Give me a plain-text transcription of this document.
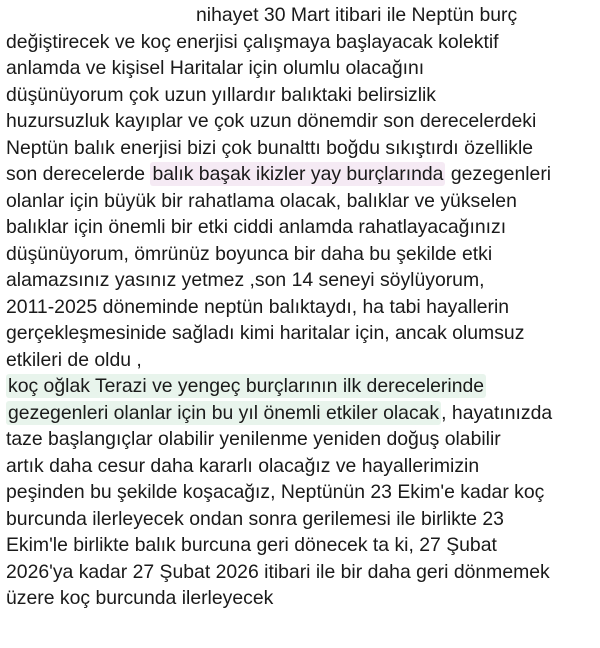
nihayet 30 Mart itibari ile Neptün burç
değiştirecek ve koç enerjisi çalışmaya başlayacak kolektif
anlamda ve kişisel Haritalar için olumlu olacağını
düşünüyorum çok uzun yıllardır balıktaki belirsizlik
huzursuzluk kayıplar ve çok uzun dönemdir son derecelerdeki
Neptün balık enerjisi bizi çok bunalttı boğdu sıkıştırdı özellikle
son derecelerde balık başak ikizler yay burçlarında gezegenleri
olanlar için büyük bir rahatlama olacak, balıklar ve yükselen
balıklar için önemli bir etki ciddi anlamda rahatlayacağınızı
düşünüyorum, ömrünüz boyunca bir daha bu şekilde etki
alamazsınız yasınız yetmez ,son 14 seneyi söylüyorum,
2011-2025 döneminde neptün balıktaydı, ha tabi hayallerin
gerçekleşmesinide sağladı kimi haritalar için, ancak olumsuz
etkileri de oldu ,
koç oğlak Terazi ve yengeç burçlarının ilk derecelerinde
gezegenleri olanlar için bu yıl önemli etkiler olacak , hayatınızda
taze başlangıçlar olabilir yenilenme yeniden doğuş olabilir
artık daha cesur daha kararlı olacağız ve hayallerimizin
peşinden bu şekilde koşacağız, Neptünün 23 Ekim'e kadar koç
burcunda ilerleyecek ondan sonra gerilemesi ile birlikte 23
Ekim'le birlikte balık burcuna geri dönecek ta ki, 27 Şubat
2026'ya kadar 27 Şubat 2026 itibari ile bir daha geri dönmemek
üzere koç burcunda ilerleyecek
